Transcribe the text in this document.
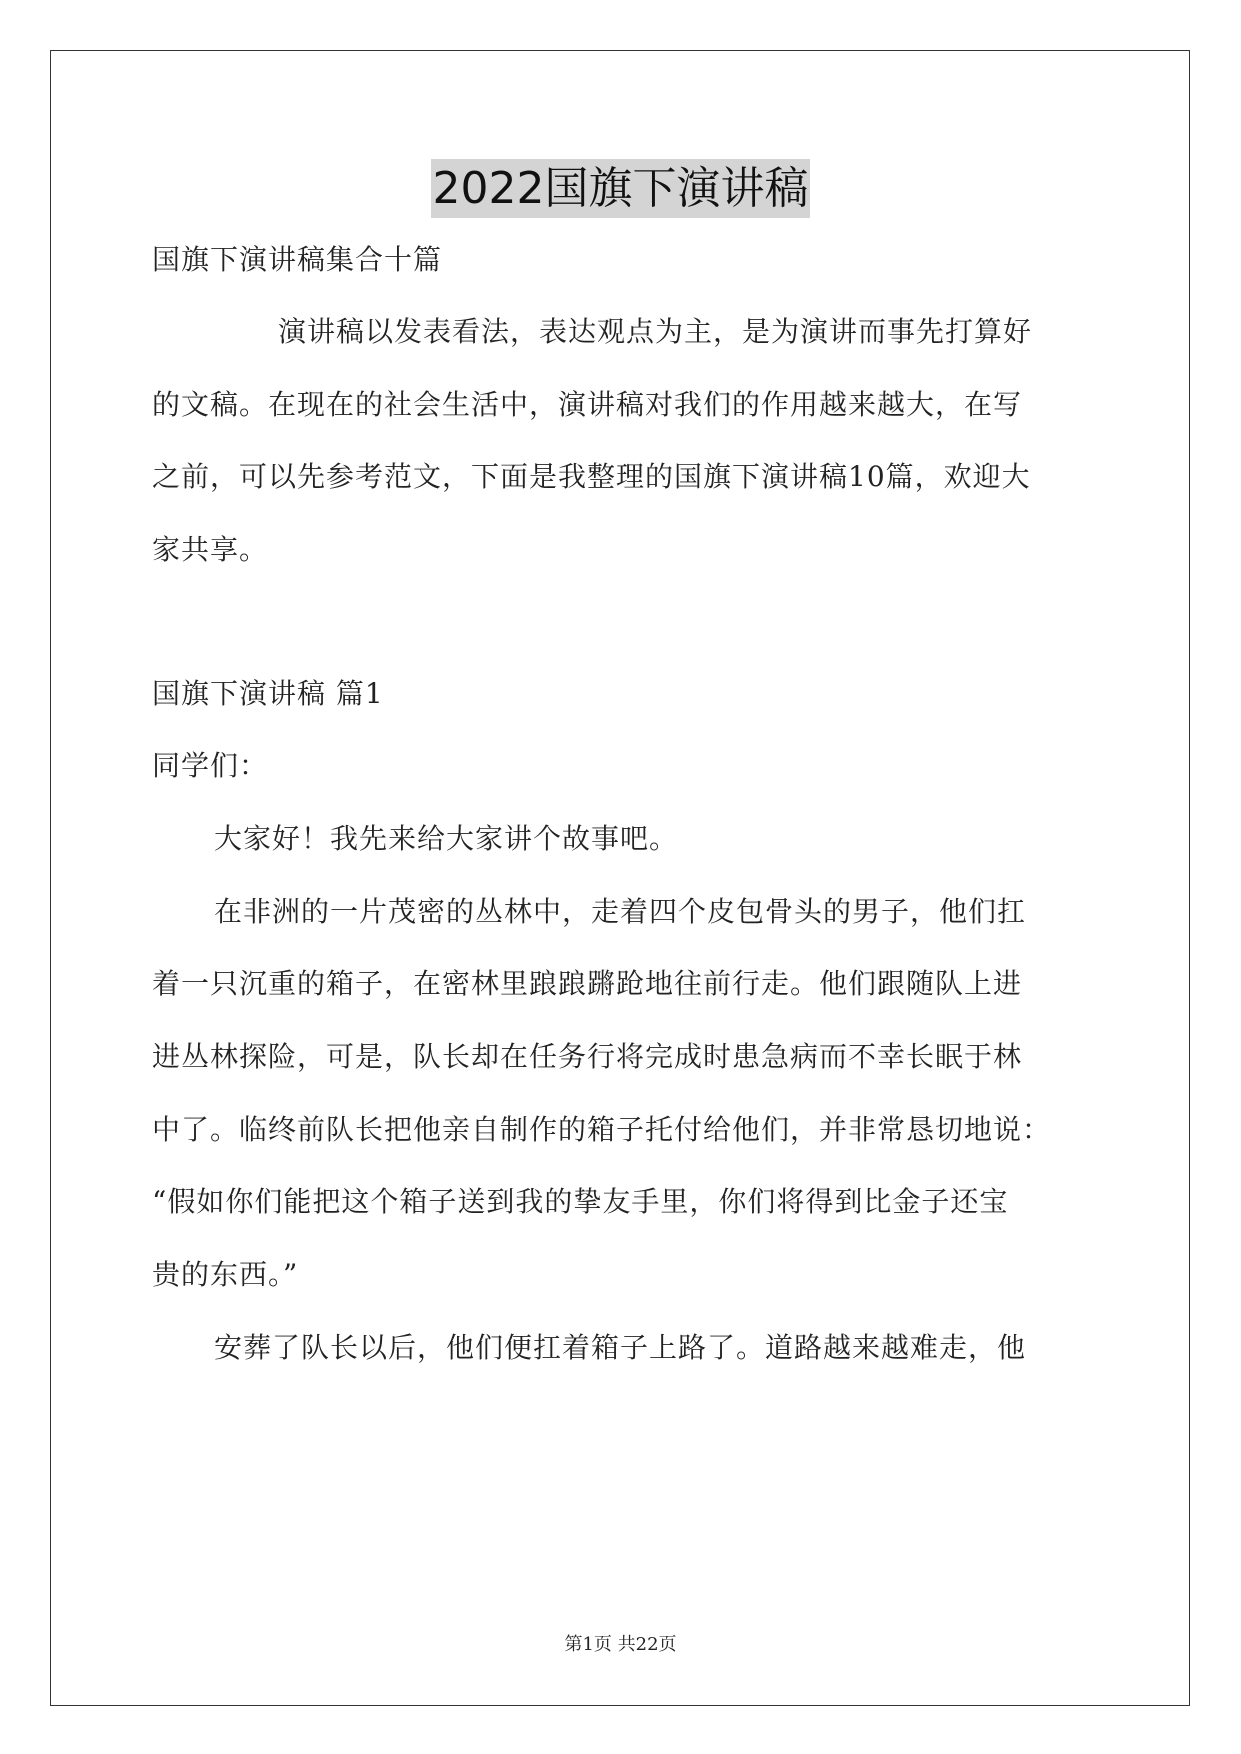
2022国旗下演讲稿
国旗下演讲稿集合十篇
演讲稿以发表看法，表达观点为主，是为演讲而事先打算好
的文稿。在现在的社会生活中，演讲稿对我们的作用越来越大，在写
之前，可以先参考范文，下面是我整理的国旗下演讲稿10篇，欢迎大
家共享。
国旗下演讲稿 篇1
同学们：
大家好！我先来给大家讲个故事吧。
在非洲的一片茂密的丛林中，走着四个皮包骨头的男子，他们扛
着一只沉重的箱子，在密林里踉踉蹡跄地往前行走。他们跟随队上进
进丛林探险，可是，队长却在任务行将完成时患急病而不幸长眠于林
中了。临终前队长把他亲自制作的箱子托付给他们，并非常恳切地说：
“假如你们能把这个箱子送到我的挚友手里，你们将得到比金子还宝
贵的东西。”
安葬了队长以后，他们便扛着箱子上路了。道路越来越难走，他
第1页 共22页
